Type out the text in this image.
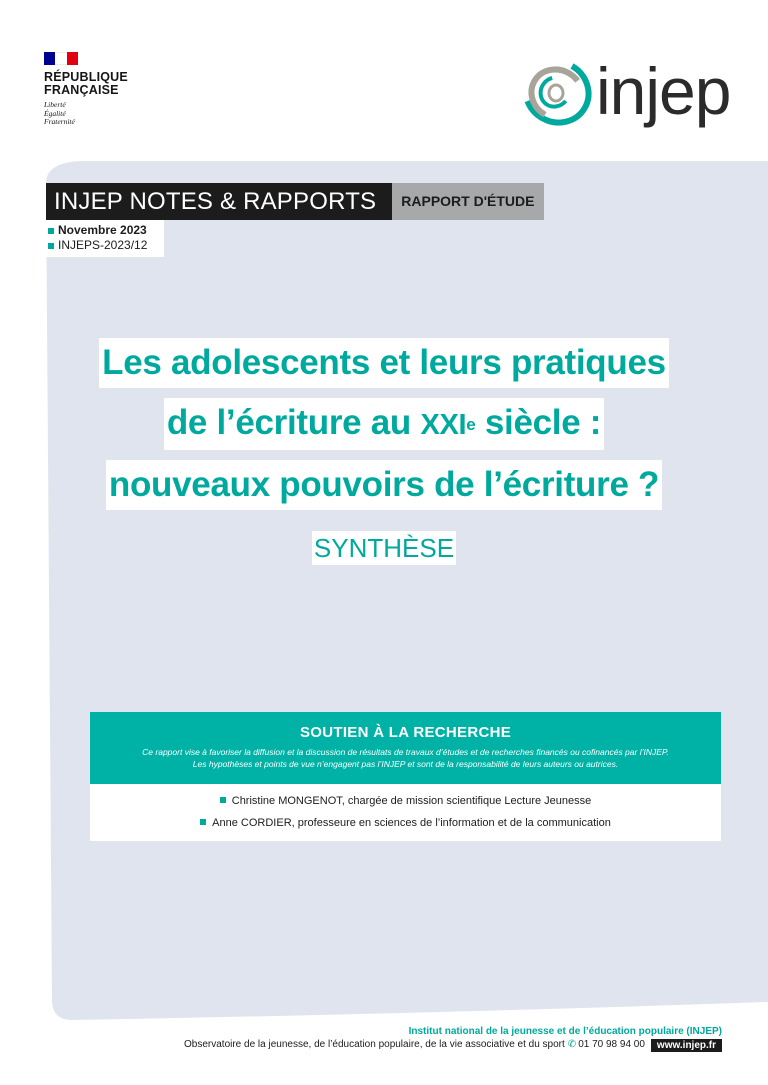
RÉPUBLIQUE
FRANÇAISE
Liberté
Égalité
Fraternité	injep
INJEP NOTES & RAPPORTS	RAPPORT D'ÉTUDE
Novembre 2023
INJEPS-2023/12
Les adolescents et leurs pratiques
de l’écriture au XXIe siècle :
nouveaux pouvoirs de l’écriture ?
SYNTHÈSE
SOUTIEN À LA RECHERCHE
Ce rapport vise à favoriser la diffusion et la discussion de résultats de travaux d’études et de recherches financés ou cofinancés par l’INJEP.
Les hypothèses et points de vue n’engagent pas l’INJEP et sont de la responsabilité de leurs auteurs ou autrices.
Christine MONGENOT, chargée de mission scientifique Lecture Jeunesse
Anne CORDIER, professeure en sciences de l’information et de la communication
Institut national de la jeunesse et de l’éducation populaire (INJEP)
Observatoire de la jeunesse, de l’éducation populaire, de la vie associative et du sport ✆ 01 70 98 94 00	www.injep.fr
